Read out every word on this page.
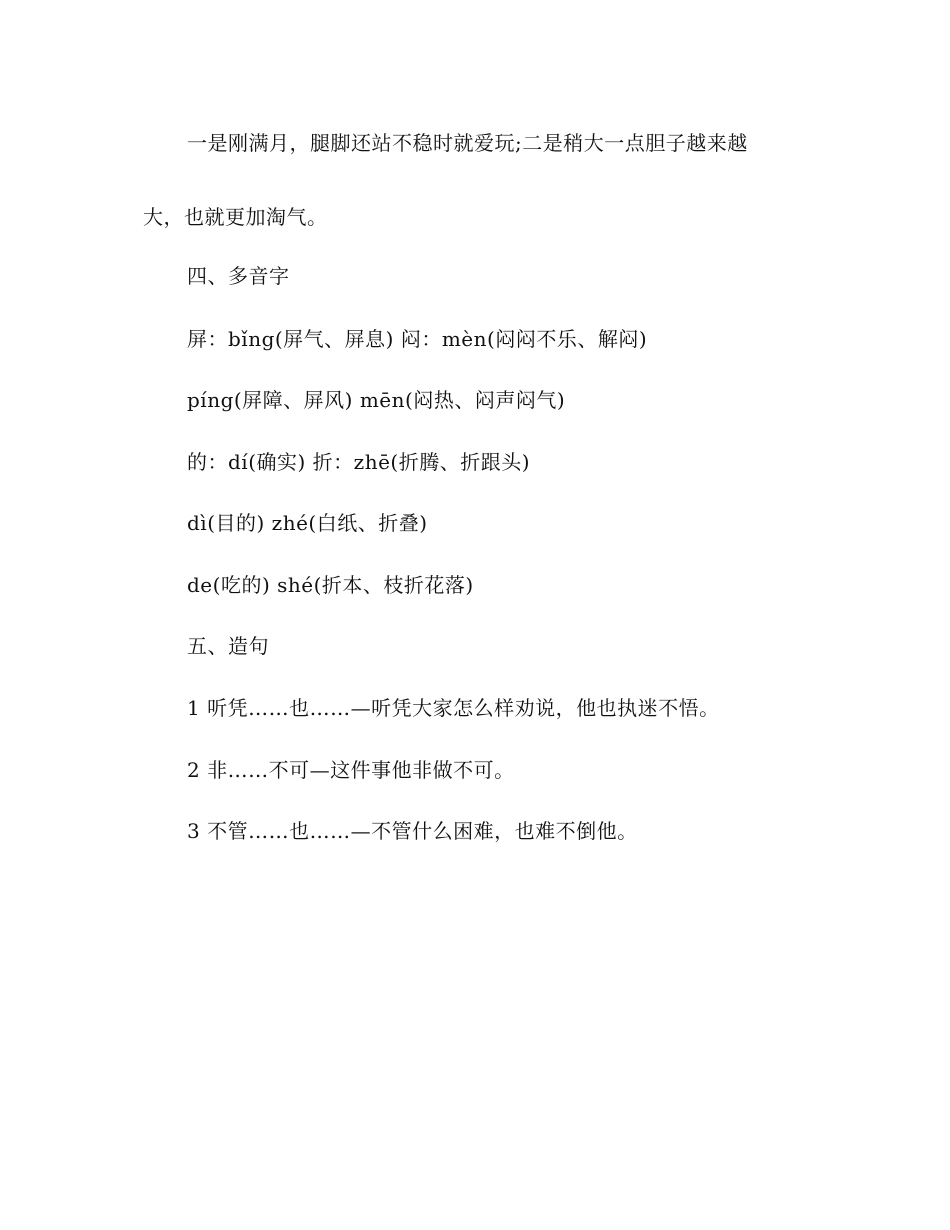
一是刚满月，腿脚还站不稳时就爱玩;二是稍大一点胆子越来越
大，也就更加淘气。
四、多音字
屏：bǐng(屏气、屏息) 闷：mèn(闷闷不乐、解闷)
píng(屏障、屏风) mēn(闷热、闷声闷气)
的：dí(确实) 折：zhē(折腾、折跟头)
dì(目的) zhé(白纸、折叠)
de(吃的) shé(折本、枝折花落)
五、造句
1 听凭……也……—听凭大家怎么样劝说，他也执迷不悟。
2 非……不可—这件事他非做不可。
3 不管……也……—不管什么困难，也难不倒他。
